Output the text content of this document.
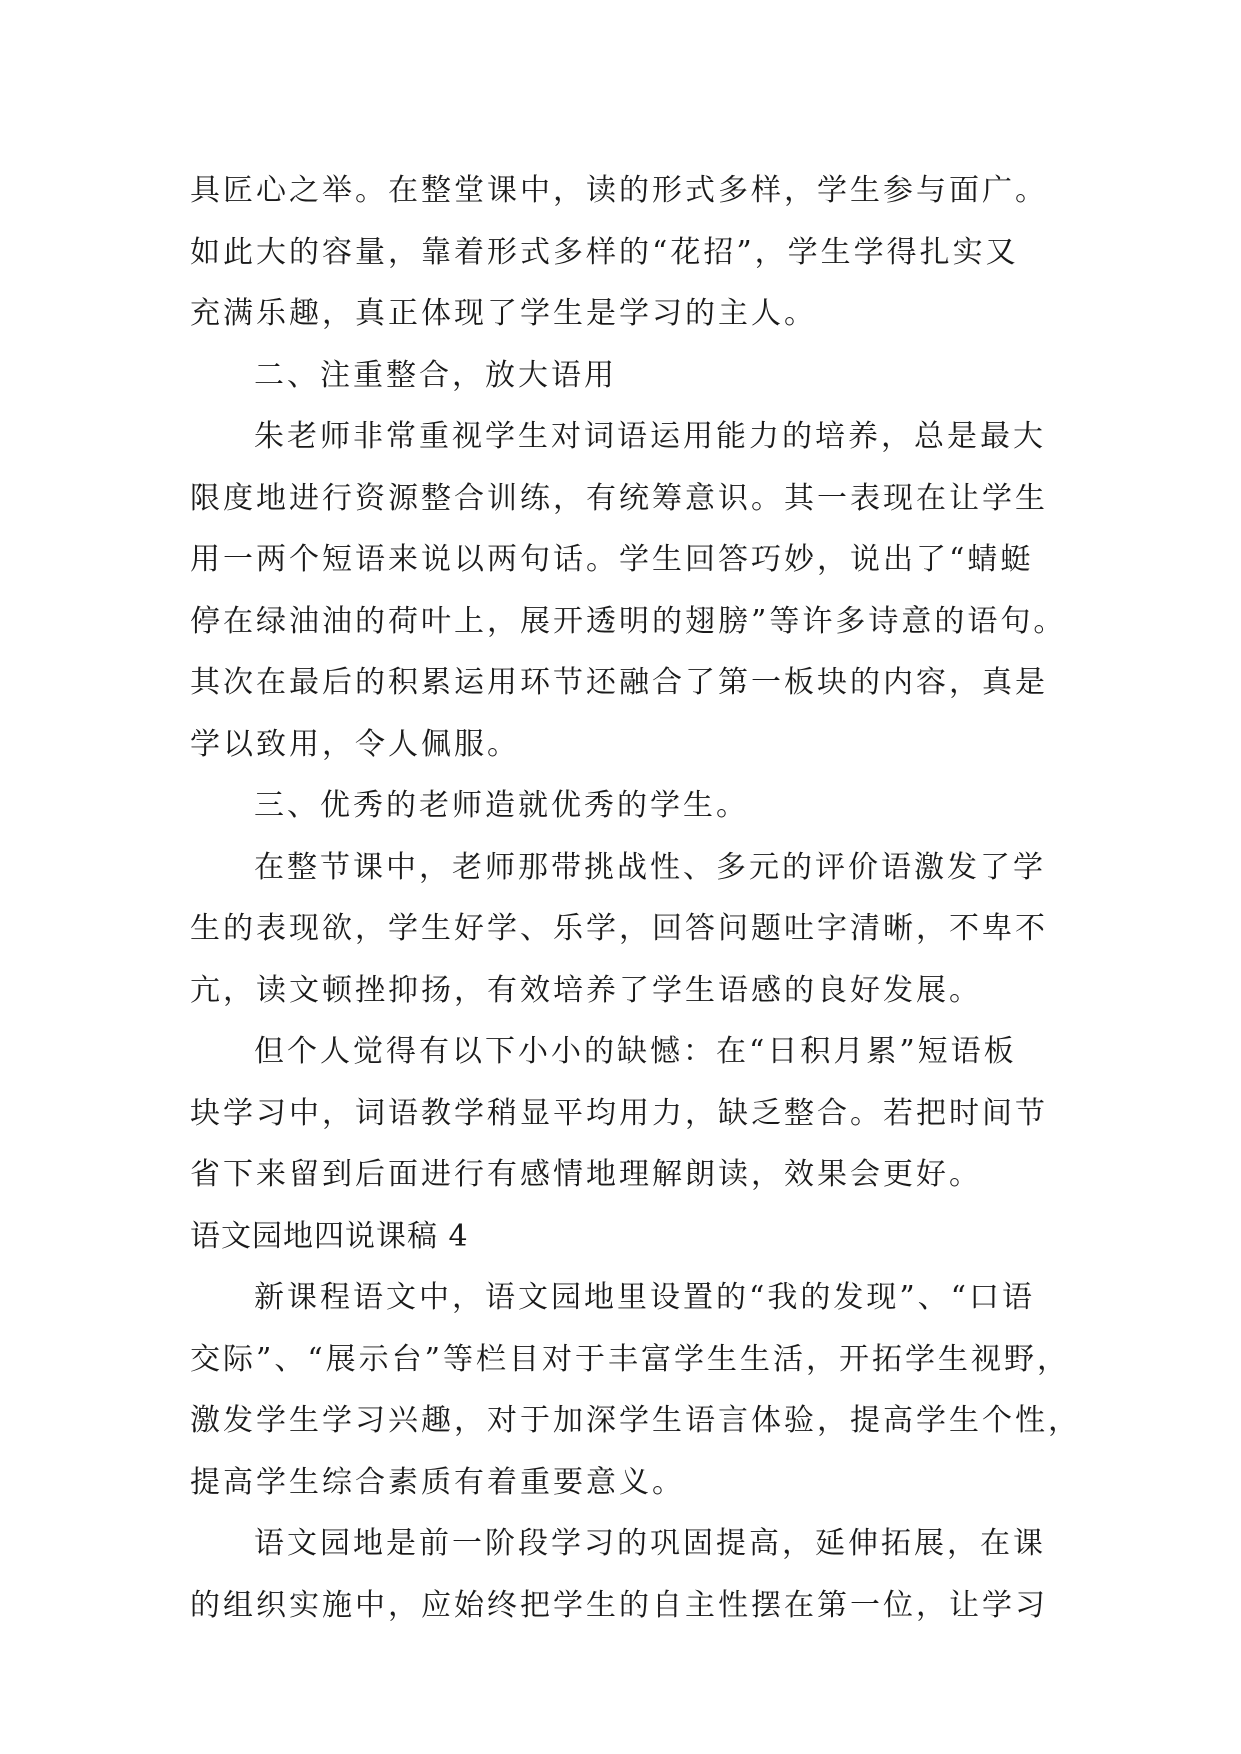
具匠心之举。在整堂课中，读的形式多样，学生参与面广。
如此大的容量，靠着形式多样的“花招”，学生学得扎实又
充满乐趣，真正体现了学生是学习的主人。
二、注重整合，放大语用
朱老师非常重视学生对词语运用能力的培养，总是最大
限度地进行资源整合训练，有统筹意识。其一表现在让学生
用一两个短语来说以两句话。学生回答巧妙，说出了“蜻蜓
停在绿油油的荷叶上，展开透明的翅膀”等许多诗意的语句。
其次在最后的积累运用环节还融合了第一板块的内容，真是
学以致用，令人佩服。
三、优秀的老师造就优秀的学生。
在整节课中，老师那带挑战性、多元的评价语激发了学
生的表现欲，学生好学、乐学，回答问题吐字清晰，不卑不
亢，读文顿挫抑扬，有效培养了学生语感的良好发展。
但个人觉得有以下小小的缺憾：在“日积月累”短语板
块学习中，词语教学稍显平均用力，缺乏整合。若把时间节
省下来留到后面进行有感情地理解朗读，效果会更好。
语文园地四说课稿 4
新课程语文中，语文园地里设置的“我的发现”、“口语
交际”、“展示台”等栏目对于丰富学生生活，开拓学生视野，
激发学生学习兴趣，对于加深学生语言体验，提高学生个性，
提高学生综合素质有着重要意义。
语文园地是前一阶段学习的巩固提高，延伸拓展，在课
的组织实施中，应始终把学生的自主性摆在第一位，让学习
